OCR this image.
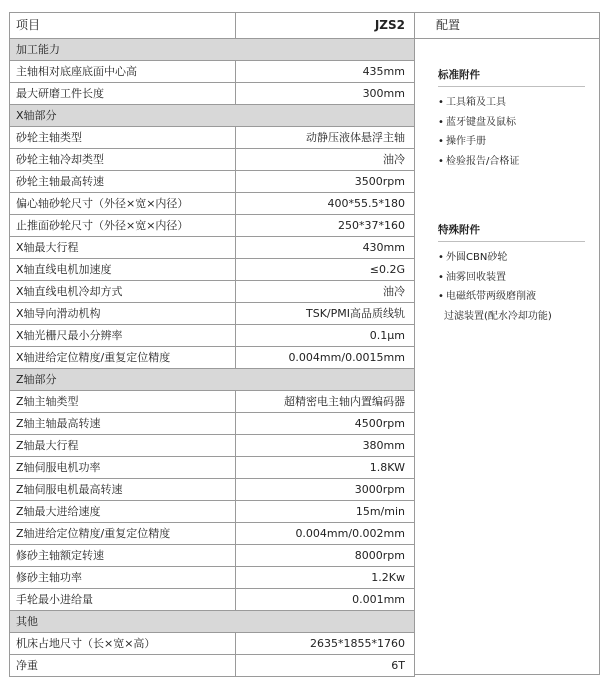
项目	JZS2
加工能力	
主轴相对底座底面中心高	435mm
最大研磨工件长度	300mm
X轴部分	
砂轮主轴类型	动静压液体悬浮主轴
砂轮主轴冷却类型	油冷
砂轮主轴最高转速	3500rpm
偏心轴砂轮尺寸（外径×宽×内径）	400*55.5*180
止推面砂轮尺寸（外径×宽×内径）	250*37*160
X轴最大行程	430mm
X轴直线电机加速度	≤0.2G
X轴直线电机冷却方式	油冷
X轴导向滑动机构	TSK/PMI高品质线轨
X轴光栅尺最小分辨率	0.1μm
X轴进给定位精度/重复定位精度	0.004mm/0.0015mm
Z轴部分	
Z轴主轴类型	超精密电主轴内置编码器
Z轴主轴最高转速	4500rpm
Z轴最大行程	380mm
Z轴伺服电机功率	1.8KW
Z轴伺服电机最高转速	3000rpm
Z轴最大进给速度	15m/min
Z轴进给定位精度/重复定位精度	0.004mm/0.002mm
修砂主轴额定转速	8000rpm
修砂主轴功率	1.2Kw
手轮最小进给量	0.001mm
其他	
机床占地尺寸（长×宽×高）	2635*1855*1760
净重	6T
配置
标准附件
• 工具箱及工具
• 蓝牙键盘及鼠标
• 操作手册
• 检验报告/合格证
特殊附件
• 外圆CBN砂轮
• 油雾回收装置
• 电磁纸带两级磨削液
过滤装置(配水冷却功能)
